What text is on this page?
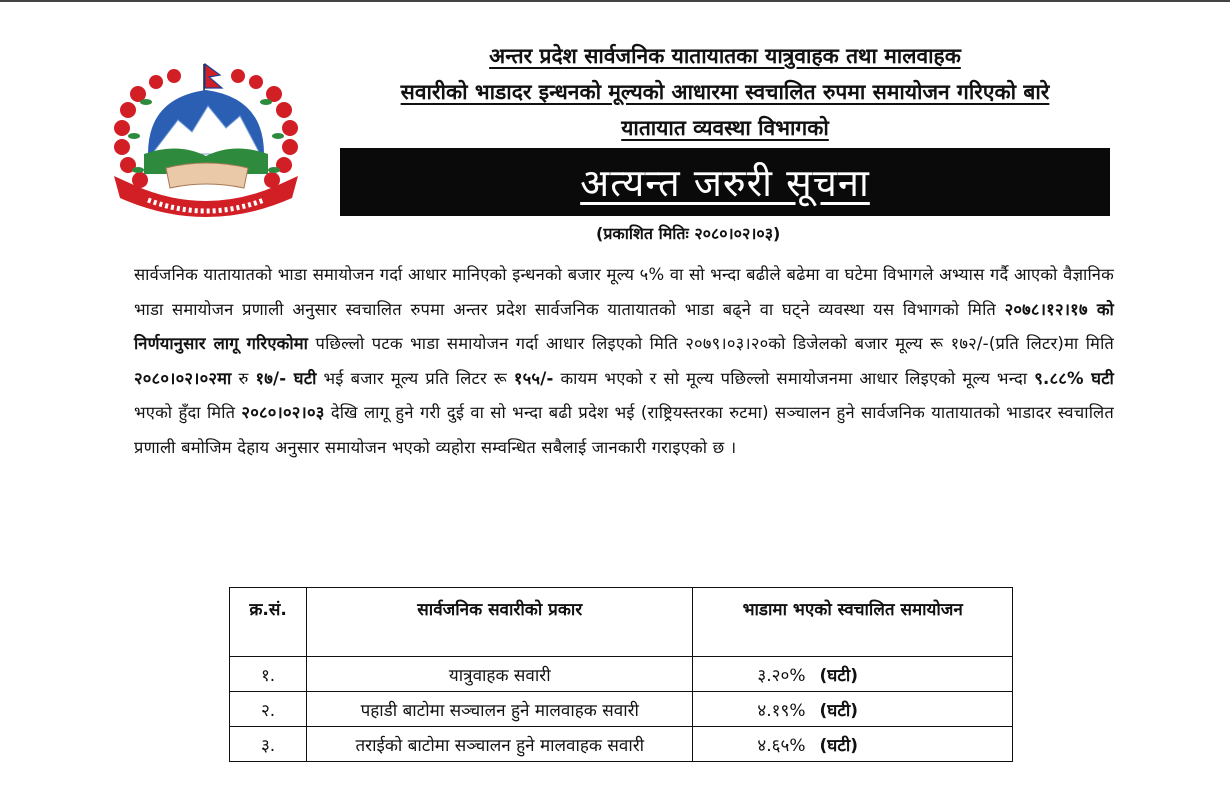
अन्तर प्रदेश सार्वजनिक यातायातका यात्रुवाहक तथा मालवाहक
सवारीको भाडादर इन्धनको मूल्यको आधारमा स्वचालित रुपमा समायोजन गरिएको बारे
यातायात व्यवस्था विभागको
अत्यन्त जरुरी सूचना
(प्रकाशित मितिः २०८०।०२।०३)
सार्वजनिक यातायातको भाडा समायोजन गर्दा आधार मानिएको इन्धनको बजार मूल्य ५% वा सो भन्दा बढीले बढेमा वा घटेमा विभागले अभ्यास गर्दै आएको वैज्ञानिक भाडा समायोजन प्रणाली अनुसार स्वचालित रुपमा अन्तर प्रदेश सार्वजनिक यातायातको भाडा बढ्ने वा घट्ने व्यवस्था यस विभागको मिति २०७८।१२।१७ को निर्णयानुसार लागू गरिएकोमा पछिल्लो पटक भाडा समायोजन गर्दा आधार लिइएको मिति २०७९।०३।२०को डिजेलको बजार मूल्य रू १७२/-(प्रति लिटर)मा मिति २०८०।०२।०२मा रु १७/- घटी भई बजार मूल्य प्रति लिटर रू १५५/- कायम भएको र सो मूल्य पछिल्लो समायोजनमा आधार लिइएको मूल्य भन्दा ९.८८% घटी भएको हुँदा मिति २०८०।०२।०३ देखि लागू हुने गरी दुई वा सो भन्दा बढी प्रदेश भई (राष्ट्रियस्तरका रुटमा) सञ्चालन हुने सार्वजनिक यातायातको भाडादर स्वचालित प्रणाली बमोजिम देहाय अनुसार समायोजन भएको व्यहोरा सम्वन्धित सबैलाई जानकारी गराइएको छ ।
क्र.सं.	सार्वजनिक सवारीको प्रकार	भाडामा भएको स्वचालित समायोजन
१.	यात्रुवाहक सवारी	३.२०% (घटी)
२.	पहाडी बाटोमा सञ्चालन हुने मालवाहक सवारी	४.१९% (घटी)
३.	तराईको बाटोमा सञ्चालन हुने मालवाहक सवारी	४.६५% (घटी)
